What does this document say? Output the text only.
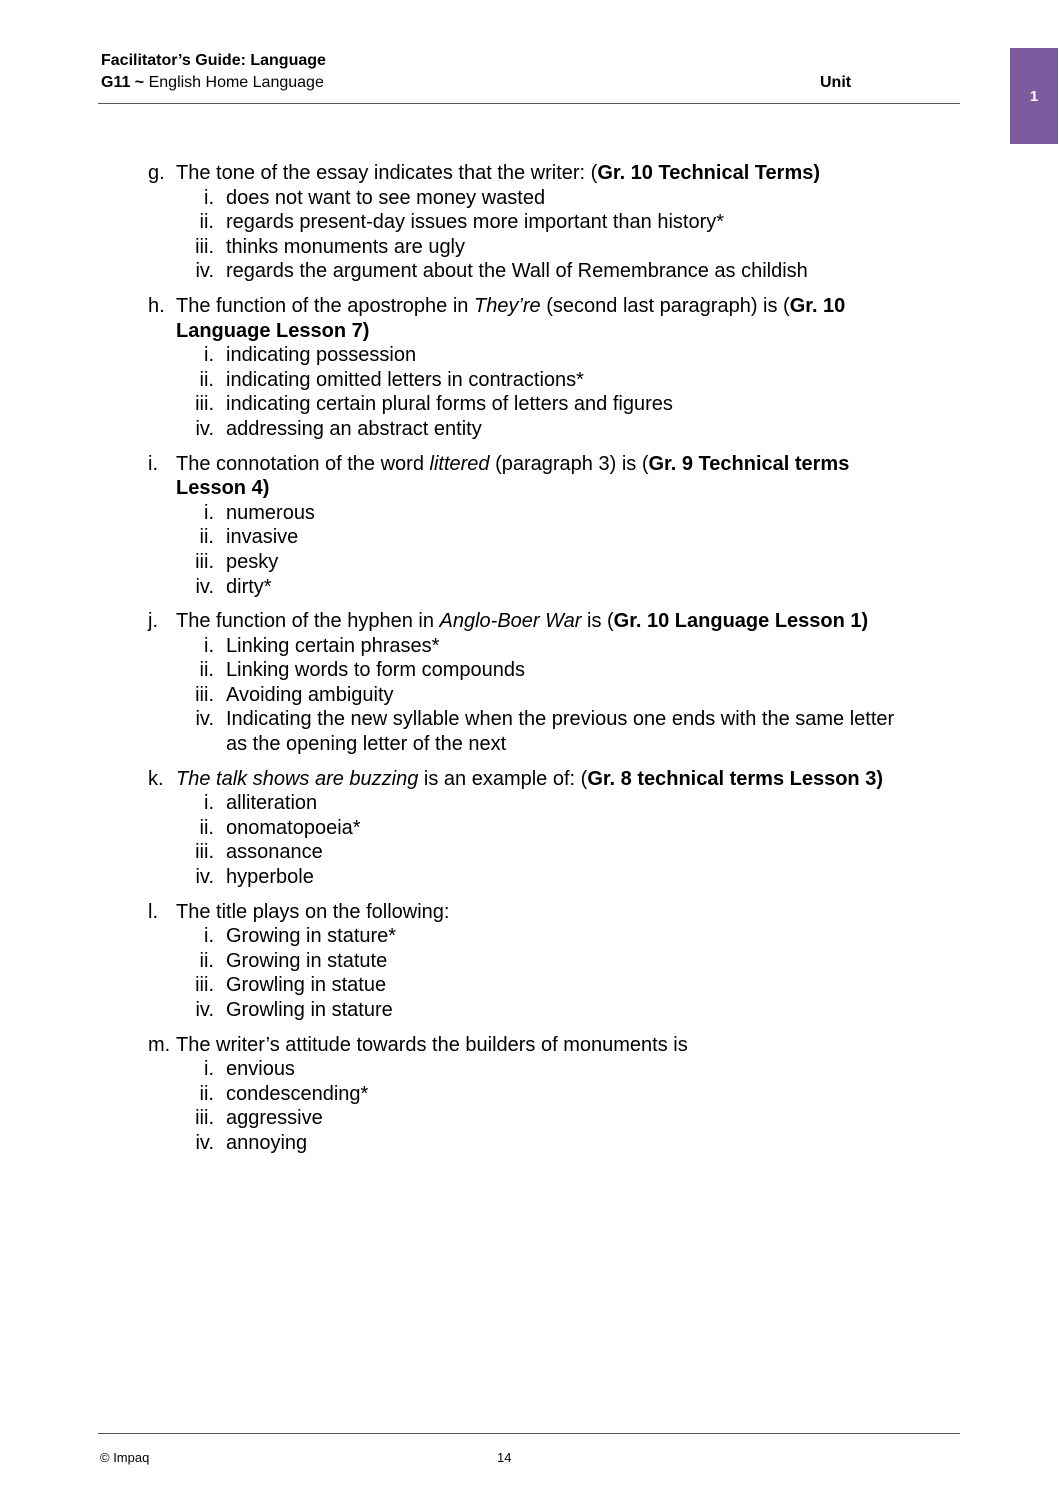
Facilitator’s Guide: Language
G11 ~ English Home Language	Unit
1
g. The tone of the essay indicates that the writer: (Gr. 10 Technical Terms)
i. does not want to see money wasted
ii. regards present-day issues more important than history*
iii. thinks monuments are ugly
iv. regards the argument about the Wall of Remembrance as childish
h. The function of the apostrophe in They’re (second last paragraph) is (Gr. 10 Language Lesson 7)
i. indicating possession
ii. indicating omitted letters in contractions*
iii. indicating certain plural forms of letters and figures
iv. addressing an abstract entity
i. The connotation of the word littered (paragraph 3) is (Gr. 9 Technical terms Lesson 4)
i. numerous
ii. invasive
iii. pesky
iv. dirty*
j. The function of the hyphen in Anglo-Boer War is (Gr. 10 Language Lesson 1)
i. Linking certain phrases*
ii. Linking words to form compounds
iii. Avoiding ambiguity
iv. Indicating the new syllable when the previous one ends with the same letter as the opening letter of the next
k. The talk shows are buzzing is an example of: (Gr. 8 technical terms Lesson 3)
i. alliteration
ii. onomatopoeia*
iii. assonance
iv. hyperbole
l. The title plays on the following:
i. Growing in stature*
ii. Growing in statute
iii. Growling in statue
iv. Growling in stature
m. The writer’s attitude towards the builders of monuments is
i. envious
ii. condescending*
iii. aggressive
iv. annoying
© Impaq	14
